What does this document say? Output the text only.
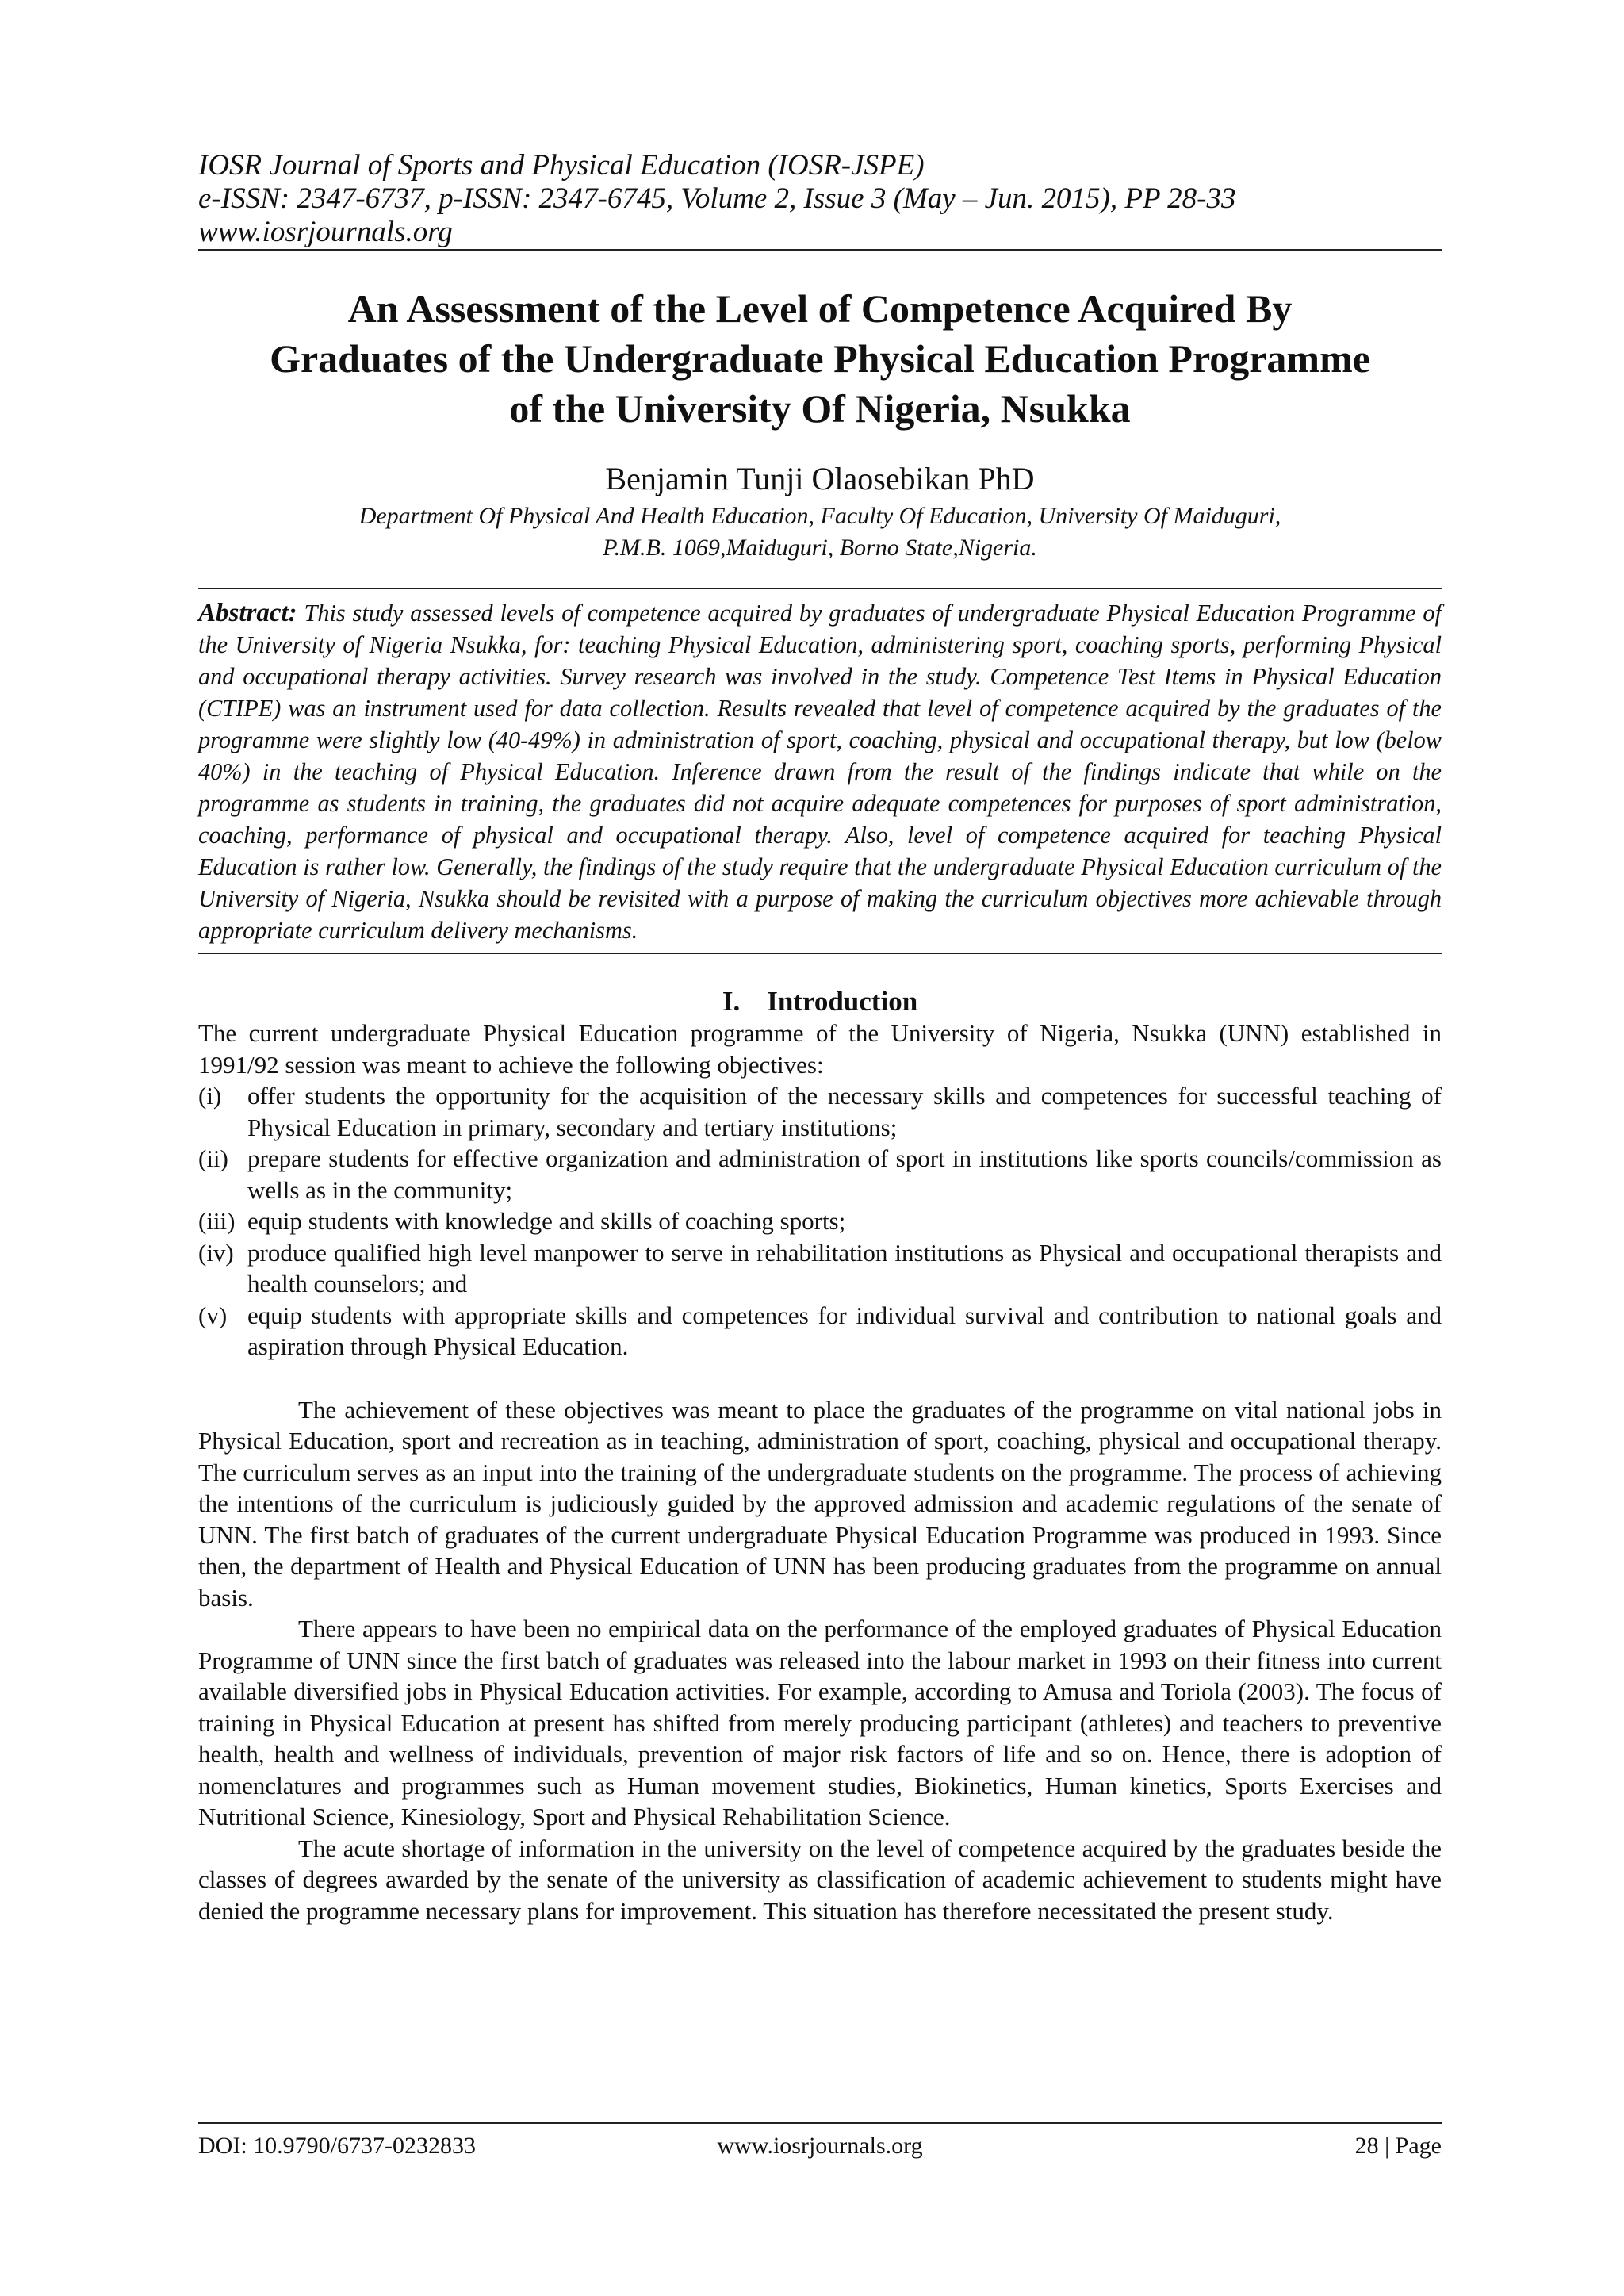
IOSR Journal of Sports and Physical Education (IOSR-JSPE)
e-ISSN: 2347-6737, p-ISSN: 2347-6745, Volume 2, Issue 3 (May – Jun. 2015), PP 28-33
www.iosrjournals.org
An Assessment of the Level of Competence Acquired By
Graduates of the Undergraduate Physical Education Programme
of the University Of Nigeria, Nsukka
Benjamin Tunji Olaosebikan PhD
Department Of Physical And Health Education, Faculty Of Education, University Of Maiduguri,
P.M.B. 1069,Maiduguri, Borno State,Nigeria.

Abstract: This study assessed levels of competence acquired by graduates of undergraduate Physical Education Programme of the University of Nigeria Nsukka, for: teaching Physical Education, administering sport, coaching sports, performing Physical and occupational therapy activities. Survey research was involved in the study. Competence Test Items in Physical Education (CTIPE) was an instrument used for data collection. Results revealed that level of competence acquired by the graduates of the programme were slightly low (40-49%) in administration of sport, coaching, physical and occupational therapy, but low (below 40%) in the teaching of Physical Education. Inference drawn from the result of the findings indicate that while on the programme as students in training, the graduates did not acquire adequate competences for purposes of sport administration, coaching, performance of physical and occupational therapy. Also, level of competence acquired for teaching Physical Education is rather low. Generally, the findings of the study require that the undergraduate Physical Education curriculum of the University of Nigeria, Nsukka should be revisited with a purpose of making the curriculum objectives more achievable through appropriate curriculum delivery mechanisms.

I. Introduction

The current undergraduate Physical Education programme of the University of Nigeria, Nsukka (UNN) established in 1991/92 session was meant to achieve the following objectives:

(i) offer students the opportunity for the acquisition of the necessary skills and competences for successful teaching of Physical Education in primary, secondary and tertiary institutions;
(ii) prepare students for effective organization and administration of sport in institutions like sports councils/commission as wells as in the community;
(iii) equip students with knowledge and skills of coaching sports;
(iv) produce qualified high level manpower to serve in rehabilitation institutions as Physical and occupational therapists and health counselors; and
(v) equip students with appropriate skills and competences for individual survival and contribution to national goals and aspiration through Physical Education.

The achievement of these objectives was meant to place the graduates of the programme on vital national jobs in Physical Education, sport and recreation as in teaching, administration of sport, coaching, physical and occupational therapy. The curriculum serves as an input into the training of the undergraduate students on the programme. The process of achieving the intentions of the curriculum is judiciously guided by the approved admission and academic regulations of the senate of UNN. The first batch of graduates of the current undergraduate Physical Education Programme was produced in 1993. Since then, the department of Health and Physical Education of UNN has been producing graduates from the programme on annual basis.

There appears to have been no empirical data on the performance of the employed graduates of Physical Education Programme of UNN since the first batch of graduates was released into the labour market in 1993 on their fitness into current available diversified jobs in Physical Education activities. For example, according to Amusa and Toriola (2003). The focus of training in Physical Education at present has shifted from merely producing participant (athletes) and teachers to preventive health, health and wellness of individuals, prevention of major risk factors of life and so on. Hence, there is adoption of nomenclatures and programmes such as Human movement studies, Biokinetics, Human kinetics, Sports Exercises and Nutritional Science, Kinesiology, Sport and Physical Rehabilitation Science.

The acute shortage of information in the university on the level of competence acquired by the graduates beside the classes of degrees awarded by the senate of the university as classification of academic achievement to students might have denied the programme necessary plans for improvement. This situation has therefore necessitated the present study.

DOI: 10.9790/6737-0232833	www.iosrjournals.org	28 | Page
